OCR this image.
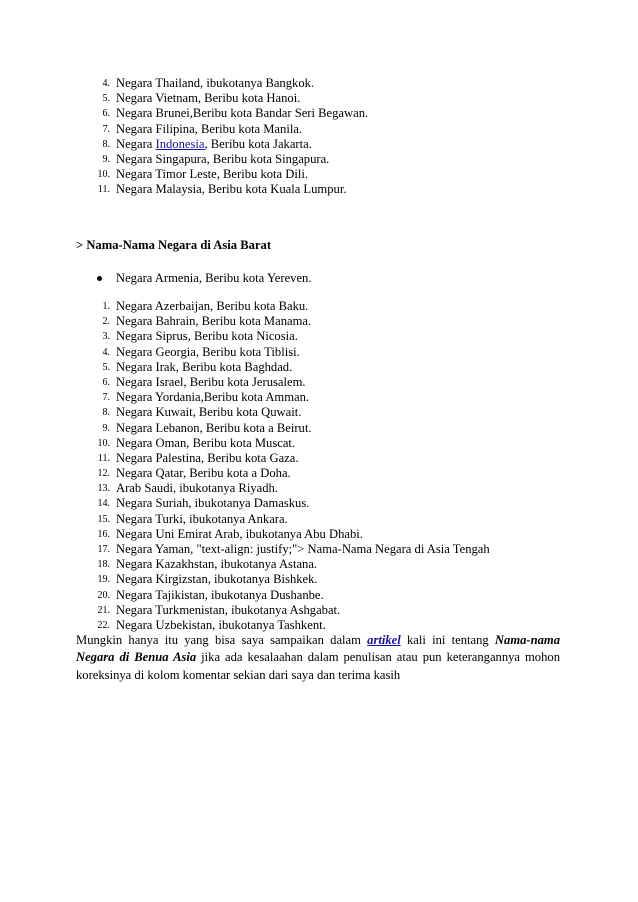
4. Negara Thailand, ibukotanya Bangkok.
5. Negara Vietnam, Beribu kota Hanoi.
6. Negara Brunei,Beribu kota Bandar Seri Begawan.
7. Negara Filipina, Beribu kota Manila.
8. Negara Indonesia, Beribu kota Jakarta.
9. Negara Singapura, Beribu kota Singapura.
10. Negara Timor Leste, Beribu kota Dili.
11. Negara Malaysia, Beribu kota Kuala Lumpur.
> Nama-Nama Negara di Asia Barat
Negara Armenia, Beribu kota Yereven.
1. Negara Azerbaijan, Beribu kota Baku.
2. Negara Bahrain, Beribu kota Manama.
3. Negara Siprus, Beribu kota Nicosia.
4. Negara Georgia, Beribu kota Tiblisi.
5. Negara Irak, Beribu kota Baghdad.
6. Negara Israel, Beribu kota Jerusalem.
7. Negara Yordania,Beribu kota Amman.
8. Negara Kuwait, Beribu kota Quwait.
9. Negara Lebanon, Beribu kota a Beirut.
10. Negara Oman, Beribu kota Muscat.
11. Negara Palestina, Beribu kota Gaza.
12. Negara Qatar, Beribu kota a Doha.
13. Arab Saudi, ibukotanya Riyadh.
14. Negara Suriah, ibukotanya Damaskus.
15. Negara Turki, ibukotanya Ankara.
16. Negara Uni Emirat Arab, ibukotanya Abu Dhabi.
17. Negara Yaman, "text-align: justify;"> Nama-Nama Negara di Asia Tengah
18. Negara Kazakhstan, ibukotanya Astana.
19. Negara Kirgizstan, ibukotanya Bishkek.
20. Negara Tajikistan, ibukotanya Dushanbe.
21. Negara Turkmenistan, ibukotanya Ashgabat.
22. Negara Uzbekistan, ibukotanya Tashkent.

Mungkin hanya itu yang bisa saya sampaikan dalam artikel kali ini tentang Nama-nama Negara di Benua Asia jika ada kesalaahan dalam penulisan atau pun keterangannya mohon koreksinya di kolom komentar sekian dari saya dan terima kasih
